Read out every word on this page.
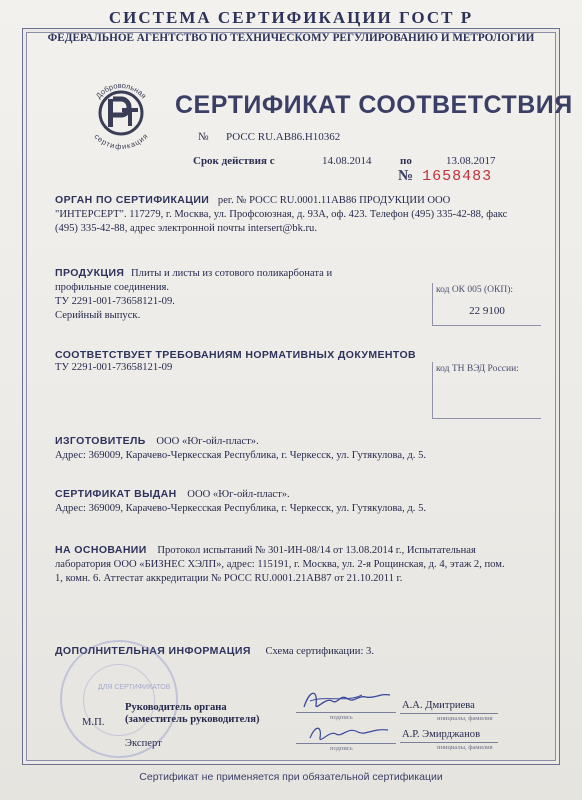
СИСТЕМА СЕРТИФИКАЦИИ ГОСТ Р
ФЕДЕРАЛЬНОЕ АГЕНТСТВО ПО ТЕХНИЧЕСКОМУ РЕГУЛИРОВАНИЮ И МЕТРОЛОГИИ
Добровольная
сертификация
СЕРТИФИКАТ СООТВЕТСТВИЯ
№ РОСС RU.AB86.H10362
Срок действия с	14.08.2014	по	13.08.2017
№ 1658483
ОРГАН ПО СЕРТИФИКАЦИИ рег. № РОСС RU.0001.11АВ86 ПРОДУКЦИИ ООО
"ИНТЕРСЕРТ". 117279, г. Москва, ул. Профсоюзная, д. 93А, оф. 423. Телефон (495) 335-42-88, факс
(495) 335-42-88, адрес электронной почты intersert@bk.ru.
ПРОДУКЦИЯ Плиты и листы из сотового поликарбоната и
профильные соединения.
ТУ 2291-001-73658121-09.
Серийный выпуск.
код ОК 005 (ОКП):
22 9100
СООТВЕТСТВУЕТ ТРЕБОВАНИЯМ НОРМАТИВНЫХ ДОКУМЕНТОВ
ТУ 2291-001-73658121-09	код ТН ВЭД России:
ИЗГОТОВИТЕЛЬ ООО «Юг-ойл-пласт».
Адрес: 369009, Карачево-Черкесская Республика, г. Черкесск, ул. Гутякулова, д. 5.
СЕРТИФИКАТ ВЫДАН ООО «Юг-ойл-пласт».
Адрес: 369009, Карачево-Черкесская Республика, г. Черкесск, ул. Гутякулова, д. 5.
НА ОСНОВАНИИ Протокол испытаний № 301-ИН-08/14 от 13.08.2014 г., Испытательная
лаборатория ООО «БИЗНЕС ХЭЛП», адрес: 115191, г. Москва, ул. 2-я Рощинская, д. 4, этаж 2, пом.
1, комн. 6. Аттестат аккредитации № РОСС RU.0001.21АВ87 от 21.10.2011 г.
ДОПОЛНИТЕЛЬНАЯ ИНФОРМАЦИЯ Схема сертификации: 3.
ДЛЯ СЕРТИФИКАТОВ
М.П.
Руководитель органа
(заместитель руководителя)	подпись
А.А. Дмитриева
инициалы, фамилия
Эксперт	подпись
А.Р. Эмирджанов
инициалы, фамилия
Сертификат не применяется при обязательной сертификации
